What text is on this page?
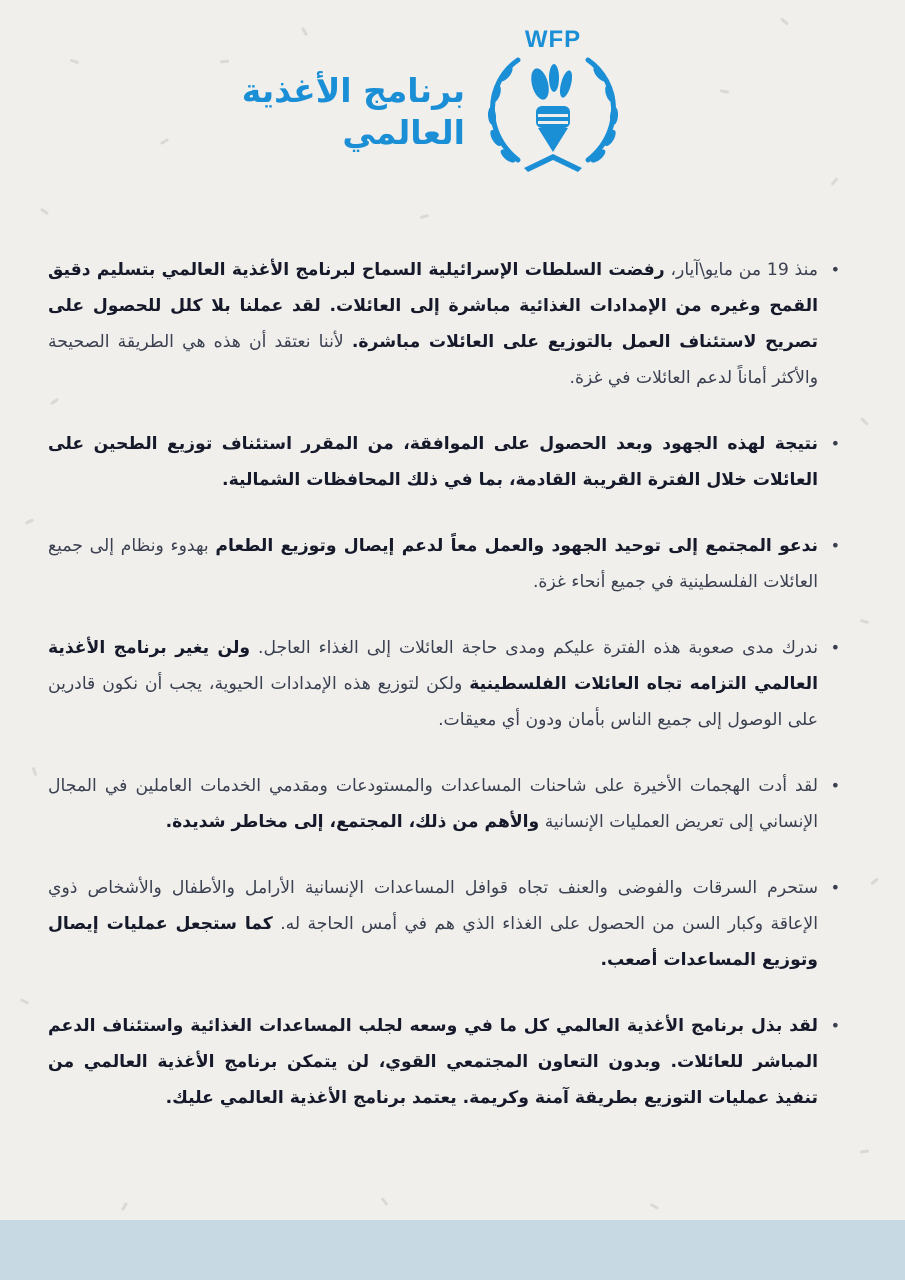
WFP
برنامج الأغذية
العالمي
• منذ 19 من مايو\آيار، رفضت السلطات الإسرائيلية السماح لبرنامج الأغذية العالمي بتسليم دقيق القمح وغيره من الإمدادات الغذائية مباشرة إلى العائلات. لقد عملنا بلا كلل للحصول على تصريح لاستئناف العمل بالتوزيع على العائلات مباشرة. لأننا نعتقد أن هذه هي الطريقة الصحيحة والأكثر أماناً لدعم العائلات في غزة.
• نتيجة لهذه الجهود وبعد الحصول على الموافقة، من المقرر استئناف توزيع الطحين على العائلات خلال الفترة القريبة القادمة، بما في ذلك المحافظات الشمالية.
• ندعو المجتمع إلى توحيد الجهود والعمل معاً لدعم إيصال وتوزيع الطعام بهدوء ونظام إلى جميع العائلات الفلسطينية في جميع أنحاء غزة.
• ندرك مدى صعوبة هذه الفترة عليكم ومدى حاجة العائلات إلى الغذاء العاجل. ولن يغير برنامج الأغذية العالمي التزامه تجاه العائلات الفلسطينية ولكن لتوزيع هذه الإمدادات الحيوية، يجب أن نكون قادرين على الوصول إلى جميع الناس بأمان ودون أي معيقات.
• لقد أدت الهجمات الأخيرة على شاحنات المساعدات والمستودعات ومقدمي الخدمات العاملين في المجال الإنساني إلى تعريض العمليات الإنسانية والأهم من ذلك، المجتمع، إلى مخاطر شديدة.
• ستحرم السرقات والفوضى والعنف تجاه قوافل المساعدات الإنسانية الأرامل والأطفال والأشخاص ذوي الإعاقة وكبار السن من الحصول على الغذاء الذي هم في أمس الحاجة له. كما ستجعل عمليات إيصال وتوزيع المساعدات أصعب.
• لقد بذل برنامج الأغذية العالمي كل ما في وسعه لجلب المساعدات الغذائية واستئناف الدعم المباشر للعائلات. وبدون التعاون المجتمعي القوي، لن يتمكن برنامج الأغذية العالمي من تنفيذ عمليات التوزيع بطريقة آمنة وكريمة. يعتمد برنامج الأغذية العالمي عليك.
